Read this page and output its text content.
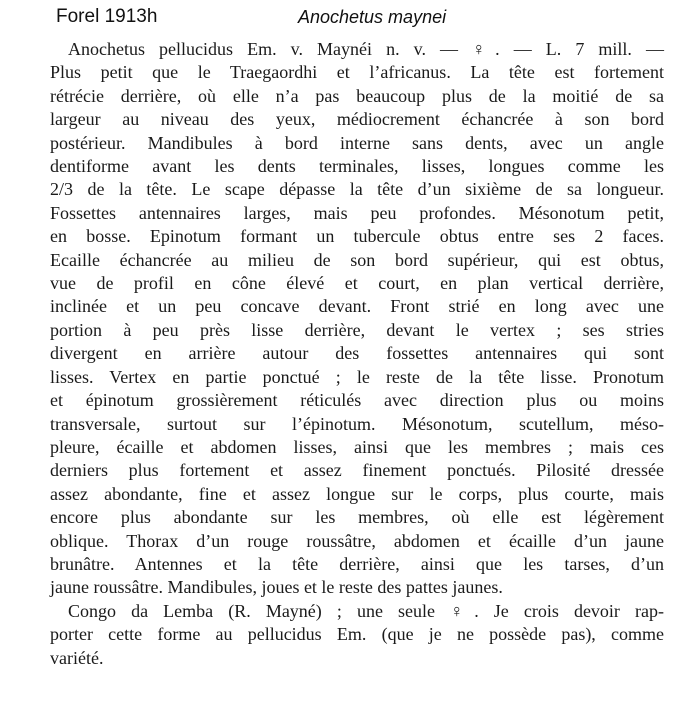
Forel 1913h	Anochetus maynei
Anochetus pellucidus Em. v. Maynéi n. v. — ♀. — L. 7 mill. —
Plus petit que le Traegaordhi et l’africanus. La tête est fortement
rétrécie derrière, où elle n’a pas beaucoup plus de la moitié de sa
largeur au niveau des yeux, médiocrement échancrée à son bord
postérieur. Mandibules à bord interne sans dents, avec un angle
dentiforme avant les dents terminales, lisses, longues comme les
2/3 de la tête. Le scape dépasse la tête d’un sixième de sa longueur.
Fossettes antennaires larges, mais peu profondes. Mésonotum petit,
en bosse. Epinotum formant un tubercule obtus entre ses 2 faces.
Ecaille échancrée au milieu de son bord supérieur, qui est obtus,
vue de profil en cône élevé et court, en plan vertical derrière,
inclinée et un peu concave devant. Front strié en long avec une
portion à peu près lisse derrière, devant le vertex ; ses stries
divergent en arrière autour des fossettes antennaires qui sont
lisses. Vertex en partie ponctué ; le reste de la tête lisse. Pronotum
et épinotum grossièrement réticulés avec direction plus ou moins
transversale, surtout sur l’épinotum. Mésonotum, scutellum, méso-
pleure, écaille et abdomen lisses, ainsi que les membres ; mais ces
derniers plus fortement et assez finement ponctués. Pilosité dressée
assez abondante, fine et assez longue sur le corps, plus courte, mais
encore plus abondante sur les membres, où elle est légèrement
oblique. Thorax d’un rouge roussâtre, abdomen et écaille d’un jaune
brunâtre. Antennes et la tête derrière, ainsi que les tarses, d’un
jaune roussâtre. Mandibules, joues et le reste des pattes jaunes.
Congo da Lemba (R. Mayné) ; une seule ♀. Je crois devoir rap-
porter cette forme au pellucidus Em. (que je ne possède pas), comme
variété.
